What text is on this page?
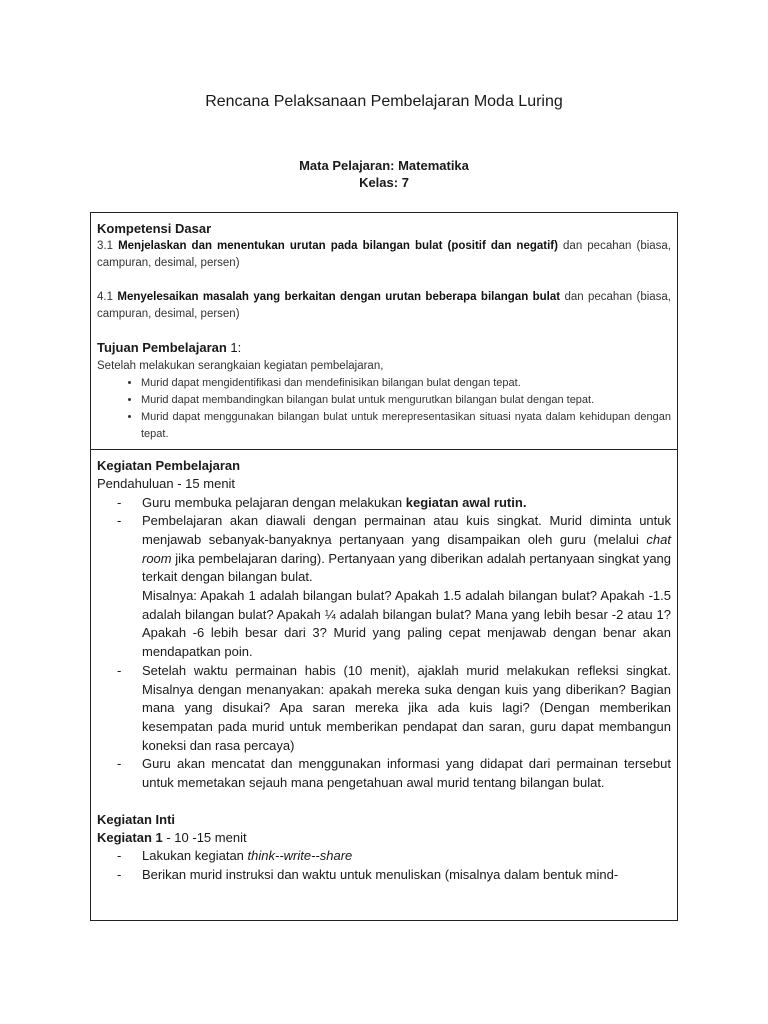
Rencana Pelaksanaan Pembelajaran Moda Luring
Mata Pelajaran: Matematika
Kelas: 7
Kompetensi Dasar
3.1 Menjelaskan dan menentukan urutan pada bilangan bulat (positif dan negatif) dan pecahan (biasa, campuran, desimal, persen)
4.1 Menyelesaikan masalah yang berkaitan dengan urutan beberapa bilangan bulat dan pecahan (biasa, campuran, desimal, persen)
Tujuan Pembelajaran 1:
Setelah melakukan serangkaian kegiatan pembelajaran,
• Murid dapat mengidentifikasi dan mendefinisikan bilangan bulat dengan tepat.
• Murid dapat membandingkan bilangan bulat untuk mengurutkan bilangan bulat dengan tepat.
• Murid dapat menggunakan bilangan bulat untuk merepresentasikan situasi nyata dalam kehidupan dengan tepat.
Kegiatan Pembelajaran
Pendahuluan - 15 menit
- Guru membuka pelajaran dengan melakukan kegiatan awal rutin.
- Pembelajaran akan diawali dengan permainan atau kuis singkat. Murid diminta untuk menjawab sebanyak-banyaknya pertanyaan yang disampaikan oleh guru (melalui chat room jika pembelajaran daring). Pertanyaan yang diberikan adalah pertanyaan singkat yang terkait dengan bilangan bulat.
Misalnya: Apakah 1 adalah bilangan bulat? Apakah 1.5 adalah bilangan bulat? Apakah -1.5 adalah bilangan bulat? Apakah ¼ adalah bilangan bulat? Mana yang lebih besar -2 atau 1? Apakah -6 lebih besar dari 3? Murid yang paling cepat menjawab dengan benar akan mendapatkan poin.
- Setelah waktu permainan habis (10 menit), ajaklah murid melakukan refleksi singkat. Misalnya dengan menanyakan: apakah mereka suka dengan kuis yang diberikan? Bagian mana yang disukai? Apa saran mereka jika ada kuis lagi? (Dengan memberikan kesempatan pada murid untuk memberikan pendapat dan saran, guru dapat membangun koneksi dan rasa percaya)
- Guru akan mencatat dan menggunakan informasi yang didapat dari permainan tersebut untuk memetakan sejauh mana pengetahuan awal murid tentang bilangan bulat.
Kegiatan Inti
Kegiatan 1 - 10 -15 menit
- Lakukan kegiatan think--write--share
- Berikan murid instruksi dan waktu untuk menuliskan (misalnya dalam bentuk mind-
